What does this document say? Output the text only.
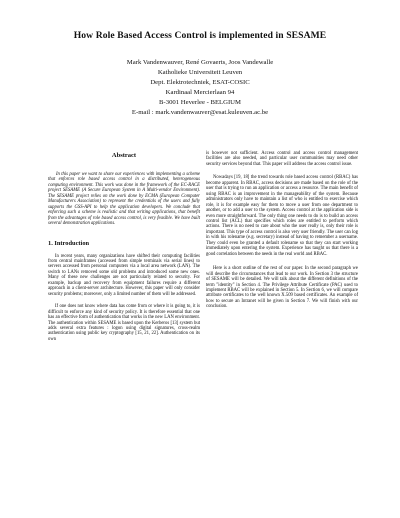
How Role Based Access Control is implemented in SESAME
Mark Vandenwauver, René Govaerts, Joos Vandewalle
Katholieke Universiteit Leuven
Dept. Elektrotechniek, ESAT-COSIC
Kardinaal Mercierlaan 94
B-3001 Heverlee - BELGIUM
E-mail : mark.vandenwauver@esat.kuleuven.ac.be
Abstract

In this paper we want to share our experiences with implementing a scheme that enforces role based access control in a distributed, heterogeneous computing environment. This work was done in the framework of the EC-RACE project SESAME (A Secure European System in A Multi-vendor Environment). The SESAME project relies on the work done by ECMA (European Computer Manufacturers Association) to represent the credentials of the users and fully supports the GSS-API to help the application developers. We conclude that enforcing such a scheme is realistic and that writing applications, that benefit from the advantages of role based access control, is very feasible. We have built several demonstration applications.

1. Introduction

In recent years, many organizations have shifted their computing facilities from central mainframes (accessed from simple terminals via serial lines) to servers accessed from personal computers via a local area network (LAN). The switch to LANs removed some old problems and introduced some new ones. Many of these new challenges are not particularly related to security. For example, backup and recovery from equipment failures require a different approach in a client-server architecture. However, this paper will only consider security problems; moreover, only a limited number of them will be addressed.

If one does not know where data has come from or where it is going to, it is difficult to enforce any kind of security policy. It is therefore essential that one has an effective form of authentication that works in the new LAN environment. The authentication within SESAME is based upon the Kerberos [13] system but adds several extra features : logon using digital signatures, cross-realm authentication using public key cryptography [15, 21, 22]. Authentication on its own

is however not sufficient. Access control and access control management facilities are also needed, and particular user communities may need other security services beyond that. This paper will address the access control issue.

Nowadays [19, 18] the trend towards role based access control (RBAC) has become apparent. In RBAC, access decisions are made based on the role of the user that is trying to run an application or access a resource. The main benefit of using RBAC is an improvement in the manageability of the system. Because administrators only have to maintain a list of who is entitled to exercise which role, it is for example easy for them to move a user from one department to another, or to add a user to the system. Access control at the application side is even more straightforward. The only thing one needs to do is to build an access control list (ACL) that specifies which roles are entitled to perform which actions. There is no need to care about who the user really is, only their role is important. This type of access control is also very user friendly. The user can log in with his rolename (e.g. secretary) instead of having to remember a username. They could even be granted a default rolename so that they can start working immediately upon entering the system. Experience has taught us that there is a good correlation between the needs in the real world and RBAC.

Here is a short outline of the rest of our paper. In the second paragraph we will describe the circumstances that lead to our work. In Section 3 the structure of SESAME will be detailed. We will talk about the different definitions of the term "identity" in Section 4. The Privilege Attribute Certificate (PAC) used to implement RBAC will be explained in Section 5. In Section 6, we will compare attribute certificates to the well known X.509 based certificates. An example of how to secure an Intranet will be given in Section 7. We will finish with our conclusion.
